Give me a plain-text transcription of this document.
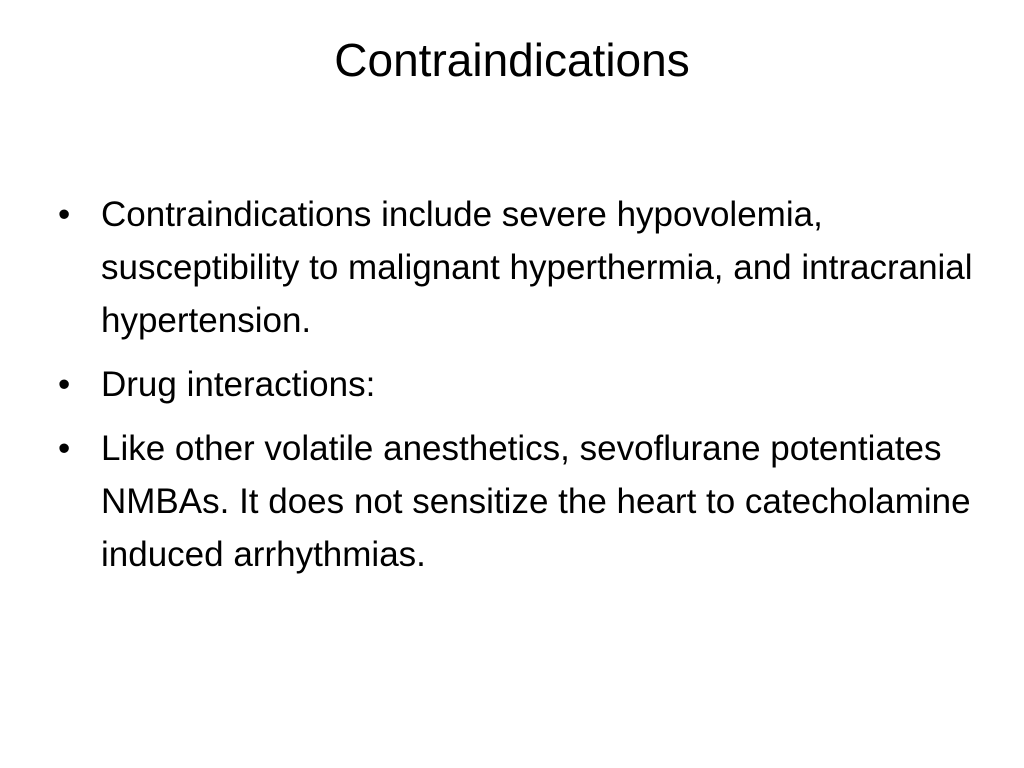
Contraindications
• Contraindications include severe hypovolemia, susceptibility to malignant hyperthermia, and intracranial hypertension.
• Drug interactions:
• Like other volatile anesthetics, sevoflurane potentiates NMBAs. It does not sensitize the heart to catecholamine induced arrhythmias.
